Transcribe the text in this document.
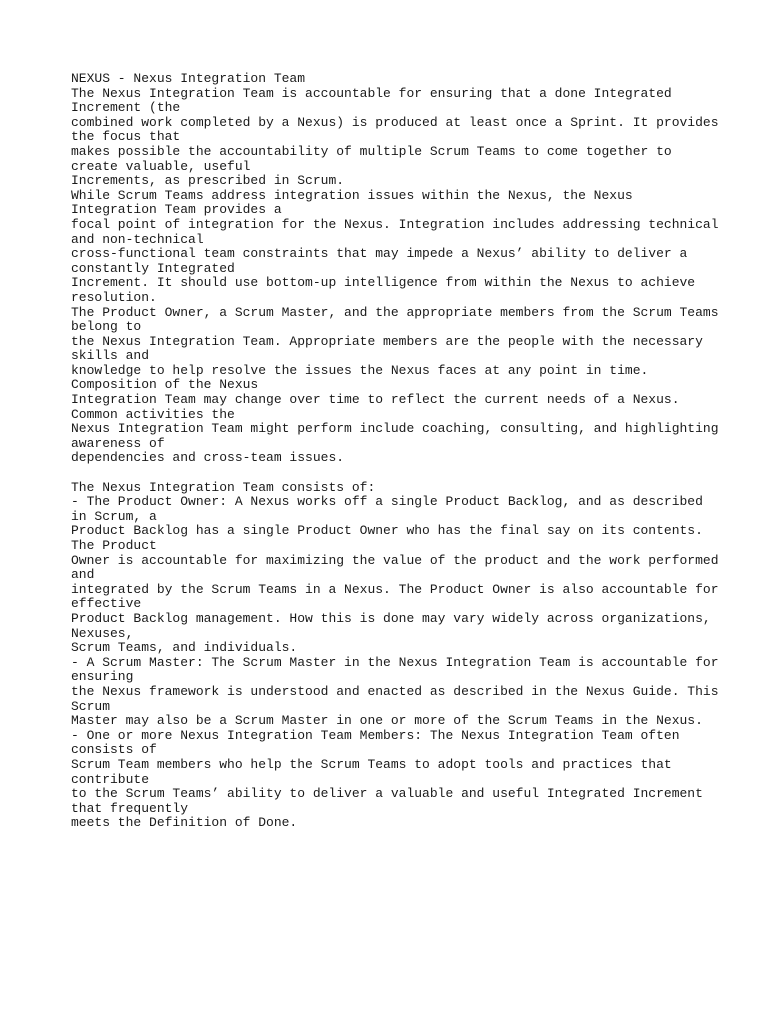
NEXUS - Nexus Integration Team
The Nexus Integration Team is accountable for ensuring that a done Integrated
Increment (the
combined work completed by a Nexus) is produced at least once a Sprint. It provides
the focus that
makes possible the accountability of multiple Scrum Teams to come together to
create valuable, useful
Increments, as prescribed in Scrum.
While Scrum Teams address integration issues within the Nexus, the Nexus
Integration Team provides a
focal point of integration for the Nexus. Integration includes addressing technical
and non-technical
cross-functional team constraints that may impede a Nexus’ ability to deliver a
constantly Integrated
Increment. It should use bottom-up intelligence from within the Nexus to achieve
resolution.
The Product Owner, a Scrum Master, and the appropriate members from the Scrum Teams
belong to
the Nexus Integration Team. Appropriate members are the people with the necessary
skills and
knowledge to help resolve the issues the Nexus faces at any point in time.
Composition of the Nexus
Integration Team may change over time to reflect the current needs of a Nexus.
Common activities the
Nexus Integration Team might perform include coaching, consulting, and highlighting
awareness of
dependencies and cross-team issues.
The Nexus Integration Team consists of:
- The Product Owner: A Nexus works off a single Product Backlog, and as described
in Scrum, a
Product Backlog has a single Product Owner who has the final say on its contents.
The Product
Owner is accountable for maximizing the value of the product and the work performed
and
integrated by the Scrum Teams in a Nexus. The Product Owner is also accountable for
effective
Product Backlog management. How this is done may vary widely across organizations,
Nexuses,
Scrum Teams, and individuals.
- A Scrum Master: The Scrum Master in the Nexus Integration Team is accountable for
ensuring
the Nexus framework is understood and enacted as described in the Nexus Guide. This
Scrum
Master may also be a Scrum Master in one or more of the Scrum Teams in the Nexus.
- One or more Nexus Integration Team Members: The Nexus Integration Team often
consists of
Scrum Team members who help the Scrum Teams to adopt tools and practices that
contribute
to the Scrum Teams’ ability to deliver a valuable and useful Integrated Increment
that frequently
meets the Definition of Done.
